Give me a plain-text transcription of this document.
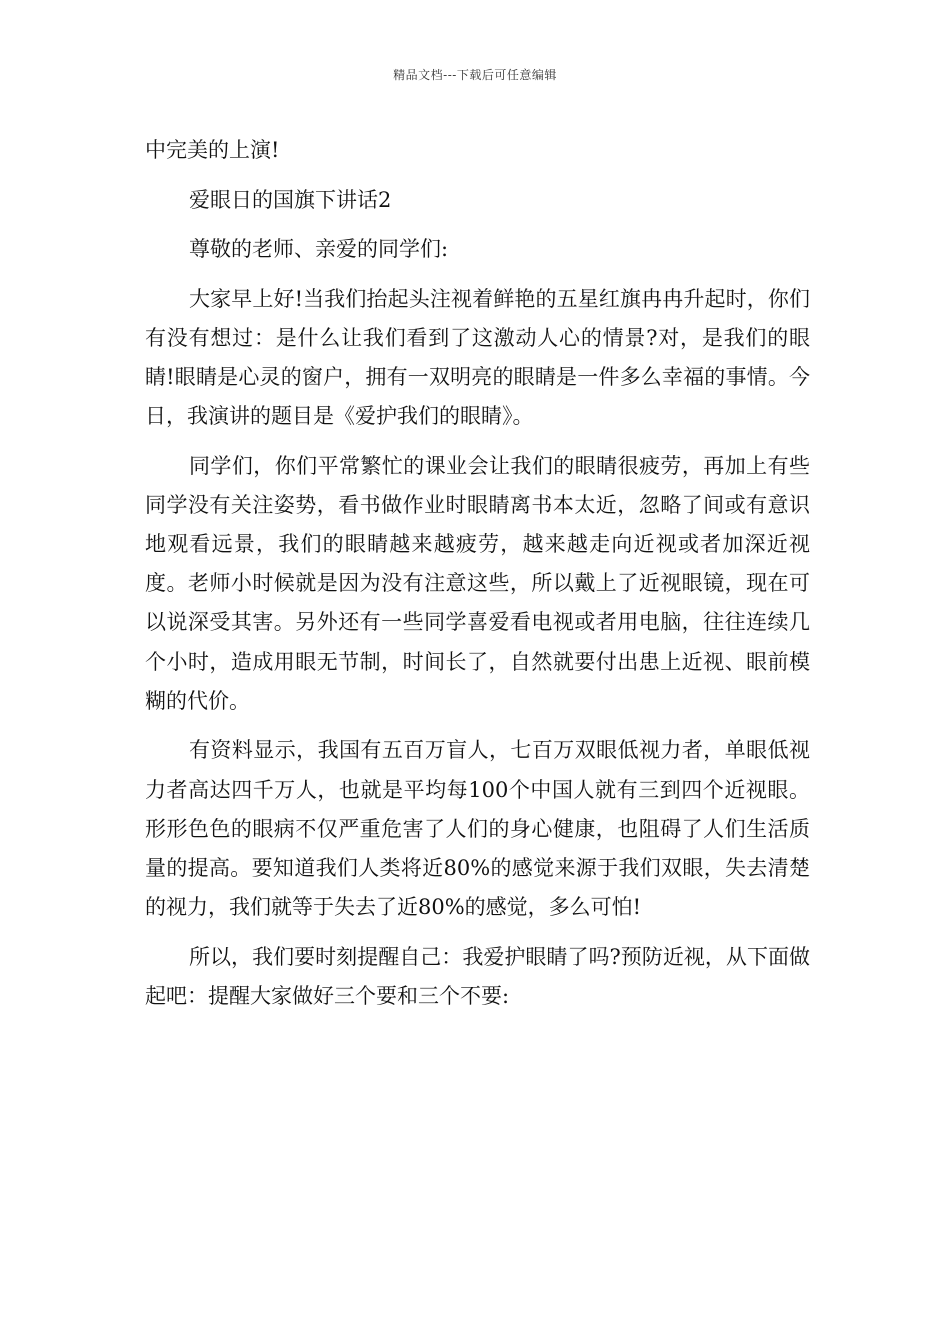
精品文档---下载后可任意编辑

中完美的上演!

爱眼日的国旗下讲话2

尊敬的老师、亲爱的同学们:

大家早上好!当我们抬起头注视着鲜艳的五星红旗冉冉升起时，你们有没有想过：是什么让我们看到了这激动人心的情景?对，是我们的眼睛!眼睛是心灵的窗户，拥有一双明亮的眼睛是一件多么幸福的事情。今日，我演讲的题目是《爱护我们的眼睛》。

同学们，你们平常繁忙的课业会让我们的眼睛很疲劳，再加上有些同学没有关注姿势，看书做作业时眼睛离书本太近，忽略了间或有意识地观看远景，我们的眼睛越来越疲劳，越来越走向近视或者加深近视度。老师小时候就是因为没有注意这些，所以戴上了近视眼镜，现在可以说深受其害。另外还有一些同学喜爱看电视或者用电脑，往往连续几个小时，造成用眼无节制，时间长了，自然就要付出患上近视、眼前模糊的代价。

有资料显示，我国有五百万盲人，七百万双眼低视力者，单眼低视力者高达四千万人，也就是平均每100个中国人就有三到四个近视眼。形形色色的眼病不仅严重危害了人们的身心健康，也阻碍了人们生活质量的提高。要知道我们人类将近80%的感觉来源于我们双眼，失去清楚的视力，我们就等于失去了近80%的感觉，多么可怕!

所以，我们要时刻提醒自己：我爱护眼睛了吗?预防近视，从下面做起吧：提醒大家做好三个要和三个不要:
